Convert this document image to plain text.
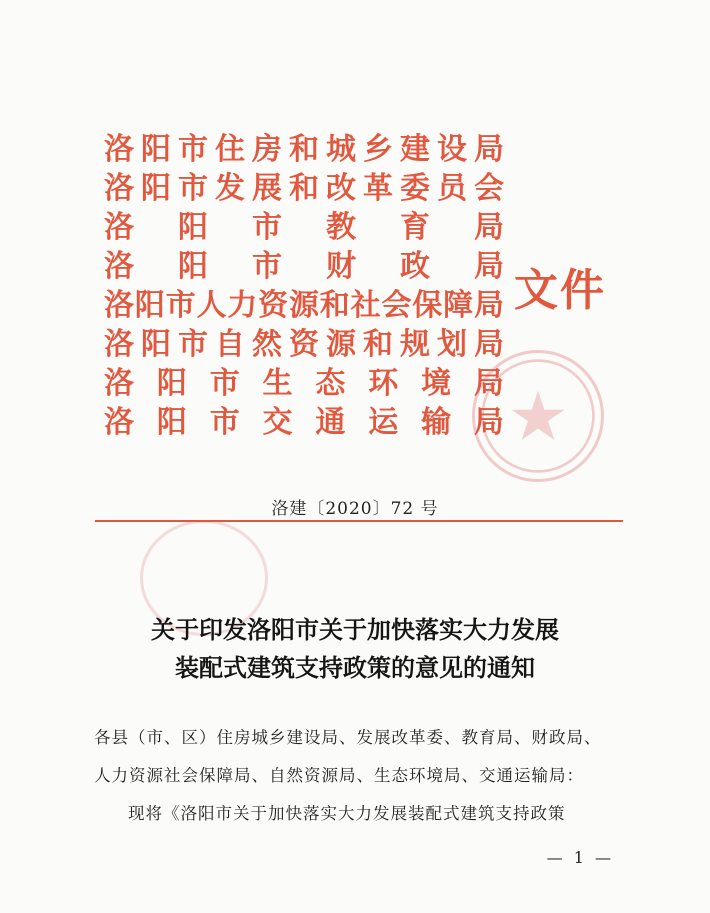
洛 阳 市 住 房 和 城 乡 建 设 局
洛 阳 市 发 展 和 改 革 委 员 会
洛 阳 市 教 育 局
洛 阳 市 财 政 局
洛 阳 市 人 力 资 源 和 社 会 保 障 局
洛 阳 市 自 然 资 源 和 规 划 局
洛 阳 市 生 态 环 境 局
洛 阳 市 交 通 运 输 局
文件
洛建〔2020〕72 号
关于印发洛阳市关于加快落实大力发展
装配式建筑支持政策的意见的通知
各县（市、区）住房城乡建设局、发展改革委、教育局、财政局、
人力资源社会保障局、自然资源局、生态环境局、交通运输局：
现将《洛阳市关于加快落实大力发展装配式建筑支持政策
— 1 —
